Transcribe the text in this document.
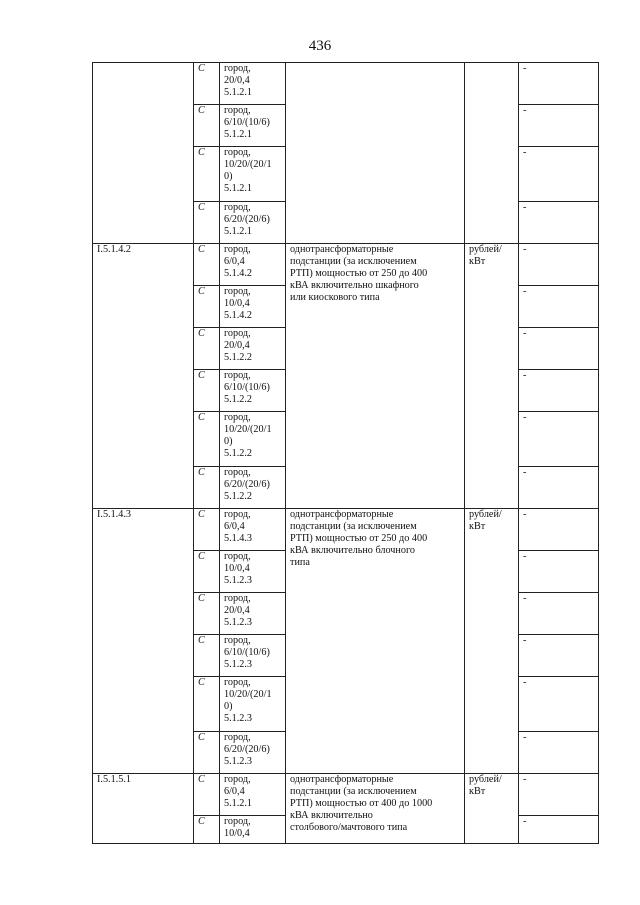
436
	C	город,
20/0,4
5.1.2.1			-
	C	город,
6/10/(10/6)
5.1.2.1			-
	C	город,
10/20/(20/1
0)
5.1.2.1			-
	C	город,
6/20/(20/6)
5.1.2.1			-
I.5.1.4.2	C	город,
6/0,4
5.1.4.2	однотрансформаторные
подстанции (за исключением
РТП) мощностью от 250 до 400
кВА включительно шкафного
или киоскового типа	рублей/
кВт	-
	C	город,
10/0,4
5.1.4.2			-
	C	город,
20/0,4
5.1.2.2			-
	C	город,
6/10/(10/6)
5.1.2.2			-
	C	город,
10/20/(20/1
0)
5.1.2.2			-
	C	город,
6/20/(20/6)
5.1.2.2			-
I.5.1.4.3	C	город,
6/0,4
5.1.4.3	однотрансформаторные
подстанции (за исключением
РТП) мощностью от 250 до 400
кВА включительно блочного
типа	рублей/
кВт	-
	C	город,
10/0,4
5.1.2.3			-
	C	город,
20/0,4
5.1.2.3			-
	C	город,
6/10/(10/6)
5.1.2.3			-
	C	город,
10/20/(20/1
0)
5.1.2.3			-
	C	город,
6/20/(20/6)
5.1.2.3			-
I.5.1.5.1	C	город,
6/0,4
5.1.2.1	однотрансформаторные
подстанции (за исключением
РТП) мощностью от 400 до 1000
кВА включительно
столбового/мачтового типа	рублей/
кВт	-
	C	город,
10/0,4			-
